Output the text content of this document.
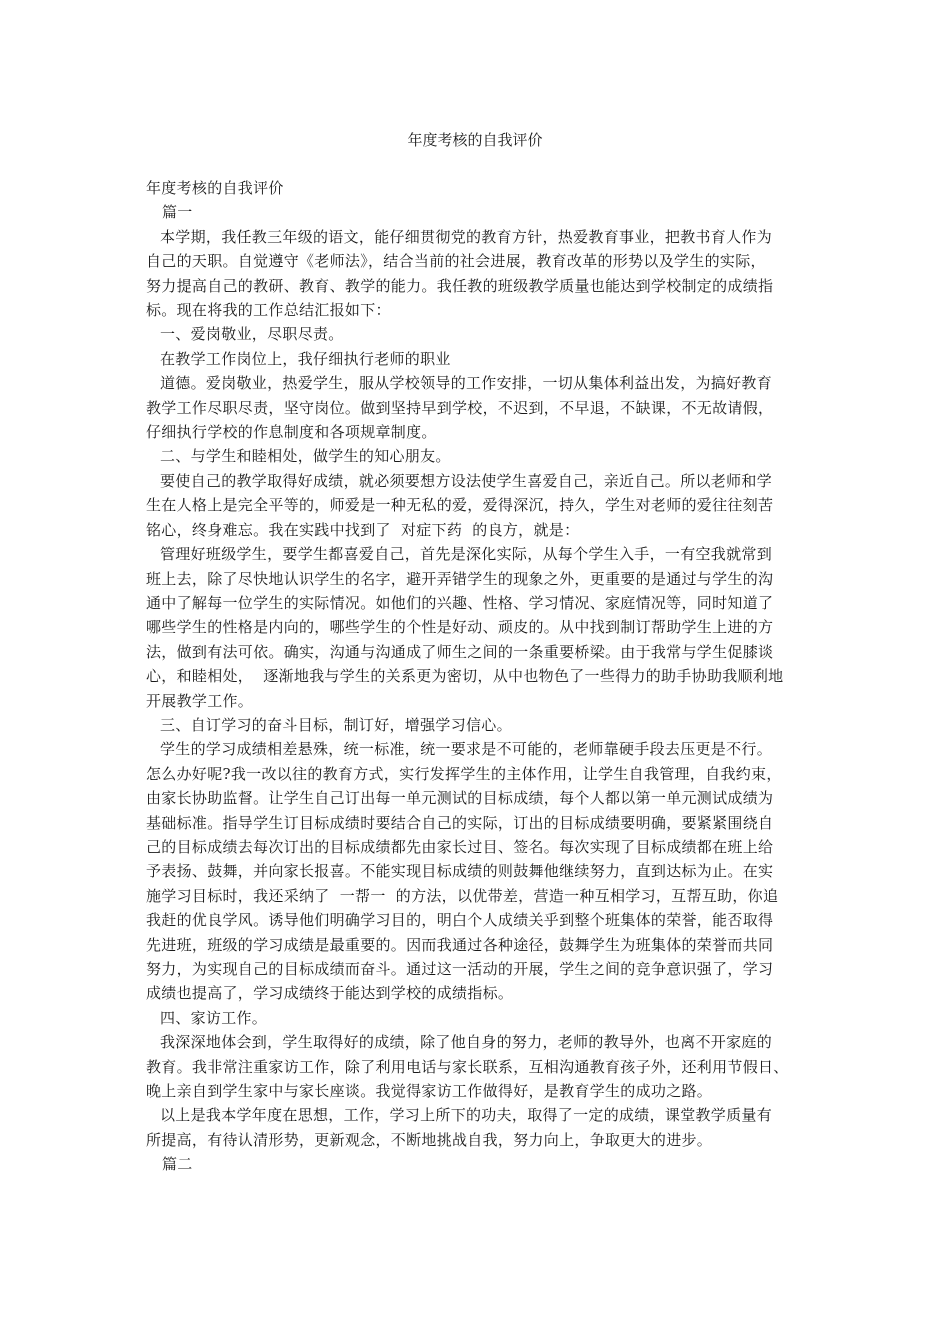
年度考核的自我评价
年度考核的自我评价
篇一
本学期，我任教三年级的语文，能仔细贯彻党的教育方针，热爱教育事业，把教书育人作为
自己的天职。自觉遵守《老师法》，结合当前的社会进展，教育改革的形势以及学生的实际，
努力提高自己的教研、教育、教学的能力。我任教的班级教学质量也能达到学校制定的成绩指
标。现在将我的工作总结汇报如下：
一、爱岗敬业，尽职尽责。
在教学工作岗位上，我仔细执行老师的职业
道德。爱岗敬业，热爱学生，服从学校领导的工作安排，一切从集体利益出发，为搞好教育
教学工作尽职尽责，坚守岗位。做到坚持早到学校，不迟到，不早退，不缺课，不无故请假，
仔细执行学校的作息制度和各项规章制度。
二、与学生和睦相处，做学生的知心朋友。
要使自己的教学取得好成绩，就必须要想方设法使学生喜爱自己，亲近自己。所以老师和学
生在人格上是完全平等的，师爱是一种无私的爱，爱得深沉，持久，学生对老师的爱往往刻苦
铭心，终身难忘。我在实践中找到了  对症下药  的良方，就是：
管理好班级学生，要学生都喜爱自己，首先是深化实际，从每个学生入手，一有空我就常到
班上去，除了尽快地认识学生的名字，避开弄错学生的现象之外，更重要的是通过与学生的沟
通中了解每一位学生的实际情况。如他们的兴趣、性格、学习情况、家庭情况等，同时知道了
哪些学生的性格是内向的，哪些学生的个性是好动、顽皮的。从中找到制订帮助学生上进的方
法，做到有法可依。确实，沟通与沟通成了师生之间的一条重要桥梁。由于我常与学生促膝谈
心，和睦相处，  逐渐地我与学生的关系更为密切，从中也物色了一些得力的助手协助我顺利地
开展教学工作。
三、自订学习的奋斗目标，制订好，增强学习信心。
学生的学习成绩相差悬殊，统一标准，统一要求是不可能的，老师靠硬手段去压更是不行。
怎么办好呢?我一改以往的教育方式，实行发挥学生的主体作用，让学生自我管理，自我约束，
由家长协助监督。让学生自己订出每一单元测试的目标成绩，每个人都以第一单元测试成绩为
基础标准。指导学生订目标成绩时要结合自己的实际，订出的目标成绩要明确，要紧紧围绕自
己的目标成绩去每次订出的目标成绩都先由家长过目、签名。每次实现了目标成绩都在班上给
予表扬、鼓舞，并向家长报喜。不能实现目标成绩的则鼓舞他继续努力，直到达标为止。在实
施学习目标时，我还采纳了  一帮一  的方法，以优带差，营造一种互相学习，互帮互助，你追
我赶的优良学风。诱导他们明确学习目的，明白个人成绩关乎到整个班集体的荣誉，能否取得
先进班，班级的学习成绩是最重要的。因而我通过各种途径，鼓舞学生为班集体的荣誉而共同
努力，为实现自己的目标成绩而奋斗。通过这一活动的开展，学生之间的竞争意识强了，学习
成绩也提高了，学习成绩终于能达到学校的成绩指标。
四、家访工作。
我深深地体会到，学生取得好的成绩，除了他自身的努力，老师的教导外，也离不开家庭的
教育。我非常注重家访工作，除了利用电话与家长联系，互相沟通教育孩子外，还利用节假日、
晚上亲自到学生家中与家长座谈。我觉得家访工作做得好，是教育学生的成功之路。
以上是我本学年度在思想，工作，学习上所下的功夫，取得了一定的成绩，课堂教学质量有
所提高，有待认清形势，更新观念，不断地挑战自我，努力向上，争取更大的进步。
篇二
